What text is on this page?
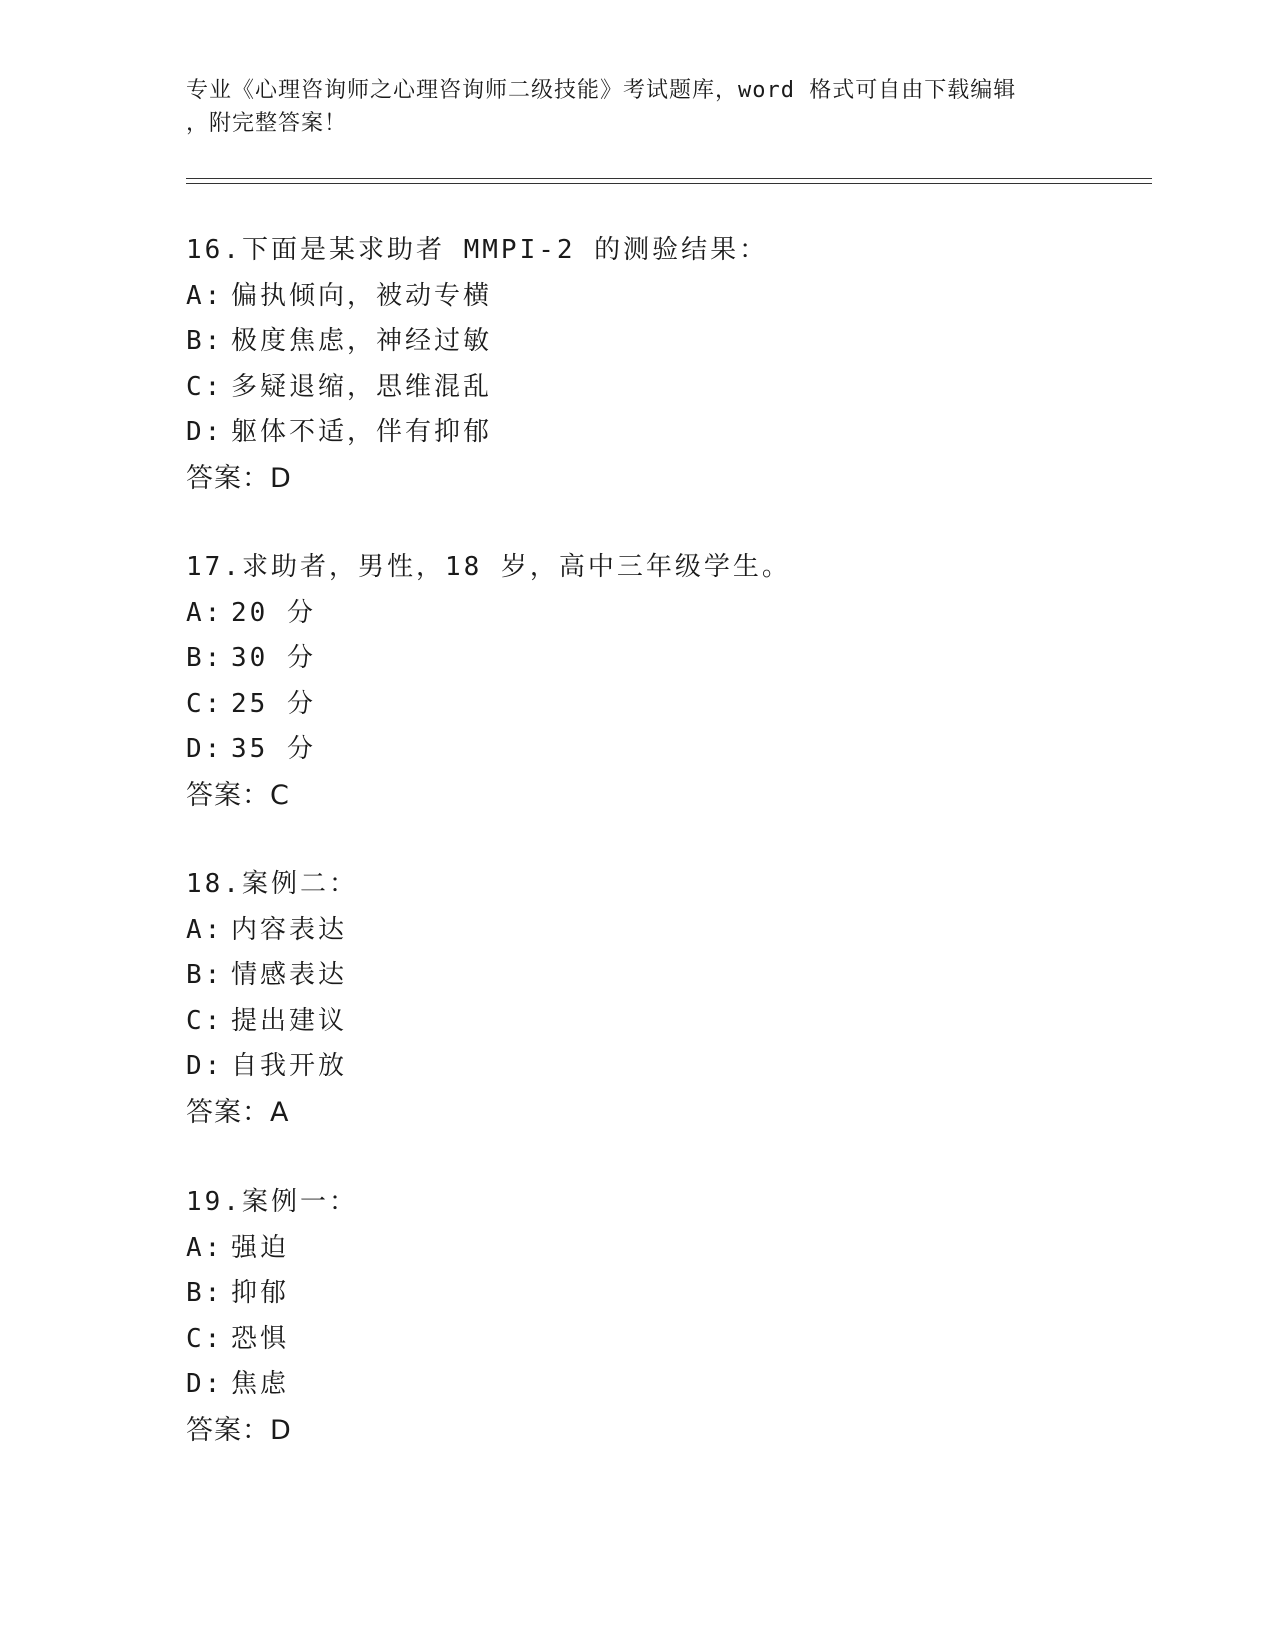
专业《心理咨询师之心理咨询师二级技能》考试题库，word 格式可自由下载编辑
，附完整答案！
16.下面是某求助者 MMPI-2 的测验结果：
A: 偏执倾向，被动专横
B: 极度焦虑，神经过敏
C: 多疑退缩，思维混乱
D: 躯体不适，伴有抑郁
答案：D
17.求助者，男性，18 岁，高中三年级学生。
A: 20 分
B: 30 分
C: 25 分
D: 35 分
答案：C
18.案例二：
A: 内容表达
B: 情感表达
C: 提出建议
D: 自我开放
答案：A
19.案例一：
A: 强迫
B: 抑郁
C: 恐惧
D: 焦虑
答案：D
